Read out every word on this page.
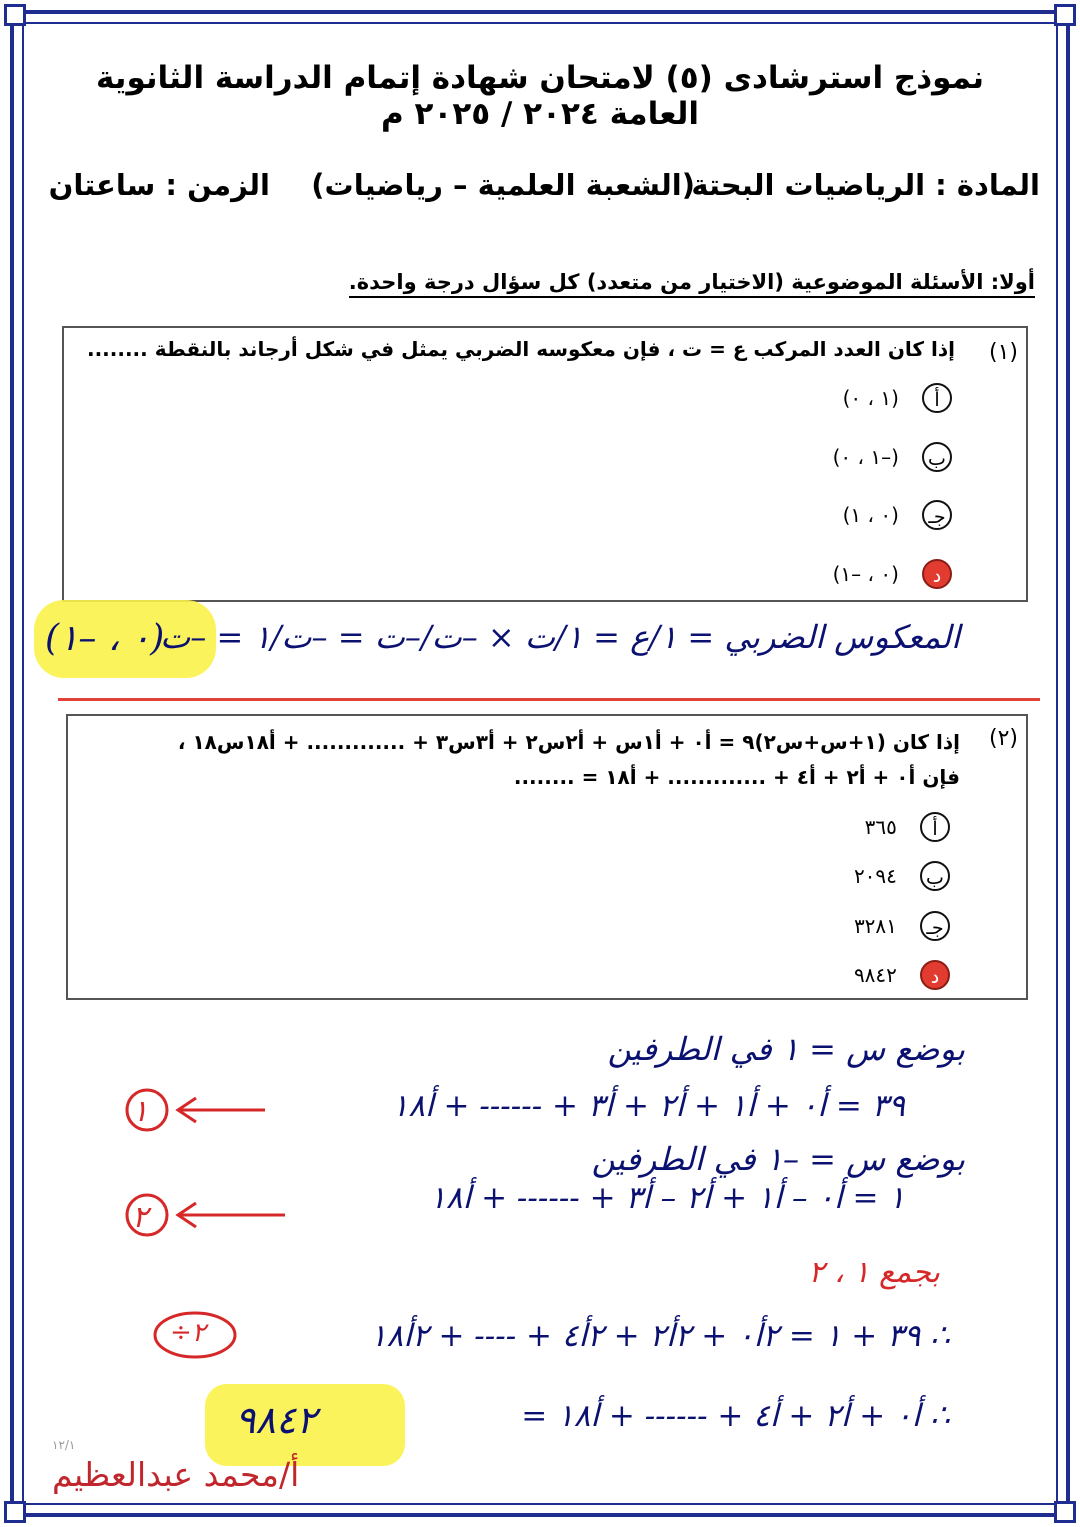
نموذج استرشادى (٥) لامتحان شهادة إتمام الدراسة الثانوية العامة ٢٠٢٤ / ٢٠٢٥ م
المادة : الرياضيات البحتة
(الشعبة العلمية – رياضيات)
الزمن : ساعتان
أولا: الأسئلة الموضوعية (الاختيار من متعدد) كل سؤال درجة واحدة.
(١)
إذا كان العدد المركب ع = ت ، فإن معكوسه الضربي يمثل في شكل أرجاند بالنقطة ........
أ (١ ، ٠)
ب (–١ ، ٠)
جـ (٠ ، ١)
د (٠ ، –١)
(٠ ، –١)
المعكوس الضربي = ١/ع = ١/ت × –ت/–ت = –ت/١ = –ت
(٢)
إذا كان (١+س+س٢)٩ = أ٠ + أ١س + أ٢س٢ + أ٣س٣ + ............. + أ١٨س١٨ ،
فإن أ٠ + أ٢ + أ٤ + ............. + أ١٨ = ........
أ ٣٦٥
ب ٢٠٩٤
جـ ٣٢٨١
د ٩٨٤٢
بوضع س = ١ في الطرفين
٣٩ = أ٠ + أ١ + أ٢ + أ٣ + ------ + أ١٨
١
بوضع س = –١ في الطرفين
١ = أ٠ – أ١ + أ٢ – أ٣ + ------ + أ١٨
٢
بجمع ١ ، ٢
∴ ٣٩ + ١ = ٢أ٠ + ٢أ٢ + ٢أ٤ + ---- + ٢أ١٨
÷٢
∴ أ٠ + أ٢ + أ٤ + ------ + أ١٨ =
٩٨٤٢
١٢/١
أ/محمد عبدالعظيم
